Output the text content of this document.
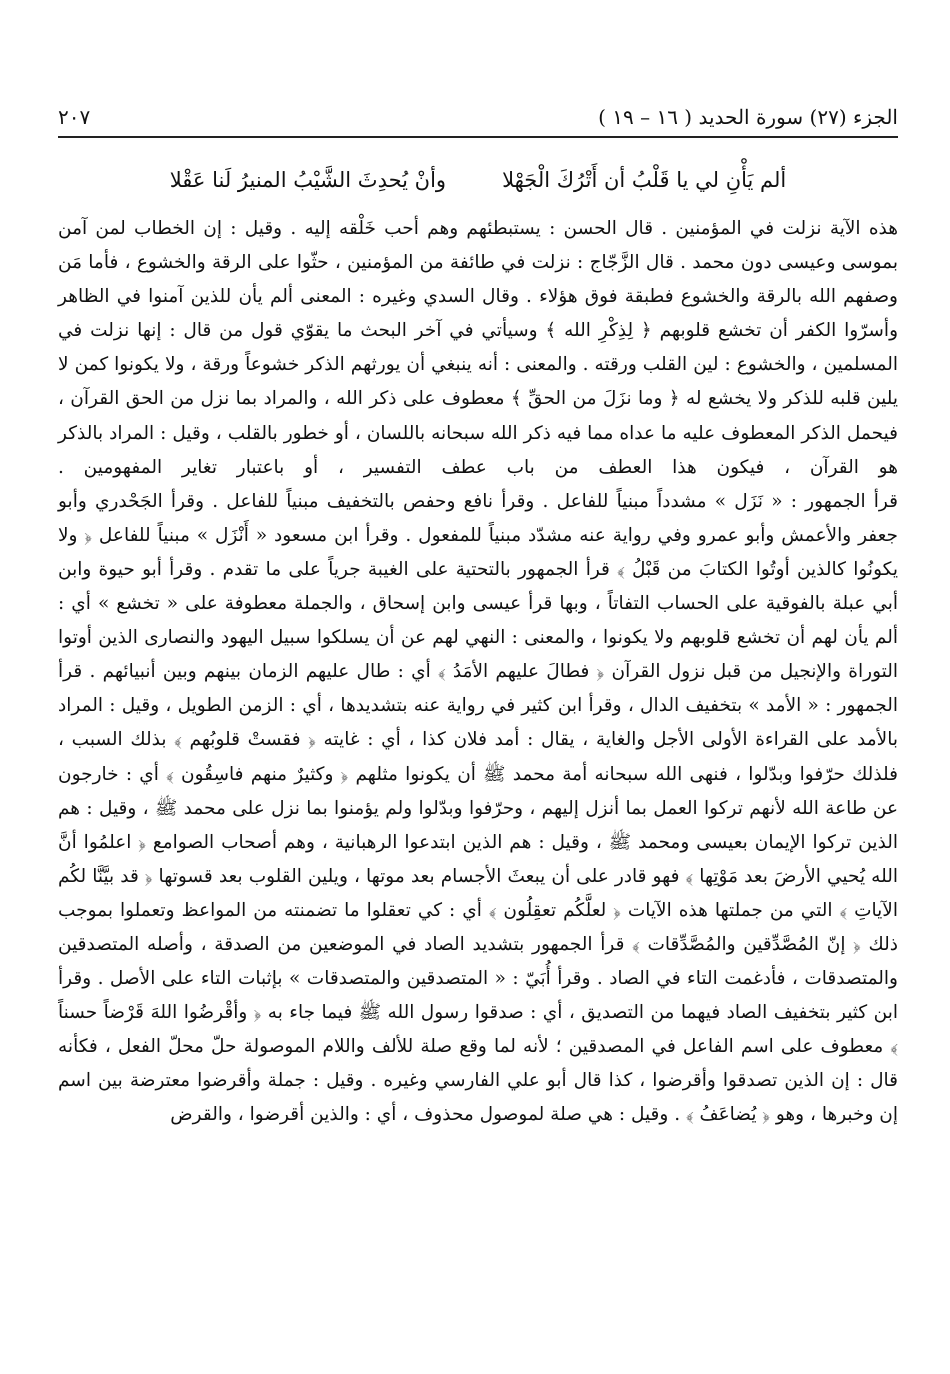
الجزء (٢٧) سورة الحديد ( ١٦ – ١٩ )
٢٠٧
ألم يَأْنِ لي يا قَلْبُ أن أَتْرُكَ الْجَهْلا
وأنْ يُحدِثَ الشَّيْبُ المنيرُ لَنا عَقْلا

هذه الآية نزلت في المؤمنين . قال الحسن : يستبطئهم وهم أحب خَلْقه إليه . وقيل : إن الخطاب لمن آمن بموسى وعيسى دون محمد . قال الزَّجّاج : نزلت في طائفة من المؤمنين ، حثّوا على الرقة والخشوع ، فأما مَن وصفهم الله بالرقة والخشوع فطبقة فوق هؤلاء . وقال السدي وغيره : المعنى ألم يأن للذين آمنوا في الظاهر وأسرّوا الكفر أن تخشع قلوبهم ﴿ لِذِكْرِ الله ﴾ وسيأتي في آخر البحث ما يقوّي قول من قال : إنها نزلت في المسلمين ، والخشوع : لين القلب ورقته . والمعنى : أنه ينبغي أن يورثهم الذكر خشوعاً ورقة ، ولا يكونوا كمن لا يلين قلبه للذكر ولا يخشع له ﴿ وما نزَلَ من الحقِّ ﴾ معطوف على ذكر الله ، والمراد بما نزل من الحق القرآن ، فيحمل الذكر المعطوف عليه ما عداه مما فيه ذكر الله سبحانه باللسان ، أو خطور بالقلب ، وقيل : المراد بالذكر هو القرآن ، فيكون هذا العطف من باب عطف التفسير ، أو باعتبار تغاير المفهومين .

قرأ الجمهور : « نَزَل » مشدداً مبنياً للفاعل . وقرأ نافع وحفص بالتخفيف مبنياً للفاعل . وقرأ الجَحْدري وأبو جعفر والأعمش وأبو عمرو وفي رواية عنه مشدّد مبنياً للمفعول . وقرأ ابن مسعود « أَنْزَل » مبنياً للفاعل ﴿ ولا يكونُوا كالذين أوتُوا الكتابَ من قَبْلُ ﴾ قرأ الجمهور بالتحتية على الغيبة جرياً على ما تقدم . وقرأ أبو حيوة وابن أبي عبلة بالفوقية على الحساب التفاتاً ، وبها قرأ عيسى وابن إسحاق ، والجملة معطوفة على « تخشع » أي : ألم يأن لهم أن تخشع قلوبهم ولا يكونوا ، والمعنى : النهي لهم عن أن يسلكوا سبيل اليهود والنصارى الذين أوتوا التوراة والإنجيل من قبل نزول القرآن ﴿ فطالَ عليهم الأمَدُ ﴾ أي : طال عليهم الزمان بينهم وبين أنبيائهم . قرأ الجمهور : « الأمد » بتخفيف الدال ، وقرأ ابن كثير في رواية عنه بتشديدها ، أي : الزمن الطويل ، وقيل : المراد بالأمد على القراءة الأولى الأجل والغاية ، يقال : أمد فلان كذا ، أي : غايته ﴿ فقستْ قلوبُهم ﴾ بذلك السبب ، فلذلك حرّفوا وبدّلوا ، فنهى الله سبحانه أمة محمد ﷺ أن يكونوا مثلهم ﴿ وكثيرٌ منهم فاسِقُون ﴾ أي : خارجون عن طاعة الله لأنهم تركوا العمل بما أنزل إليهم ، وحرّفوا وبدّلوا ولم يؤمنوا بما نزل على محمد ﷺ ، وقيل : هم الذين تركوا الإيمان بعيسى ومحمد ﷺ ، وقيل : هم الذين ابتدعوا الرهبانية ، وهم أصحاب الصوامع ﴿ اعلمُوا أنَّ الله يُحيي الأرضَ بعد مَوْتِها ﴾ فهو قادر على أن يبعثَ الأجسام بعد موتها ، ويلين القلوب بعد قسوتها ﴿ قد بيَّنَّا لكُم الآياتِ ﴾ التي من جملتها هذه الآيات ﴿ لعلَّكُم تعقِلُون ﴾ أي : كي تعقلوا ما تضمنته من المواعظ وتعملوا بموجب ذلك ﴿ إنّ المُصَّدِّقين والمُصَّدِّقات ﴾ قرأ الجمهور بتشديد الصاد في الموضعين من الصدقة ، وأصله المتصدقين والمتصدقات ، فأدغمت التاء في الصاد . وقرأ أُبَيّ : « المتصدقين والمتصدقات » بإثبات التاء على الأصل . وقرأ ابن كثير بتخفيف الصاد فيهما من التصديق ، أي : صدقوا رسول الله ﷺ فيما جاء به ﴿ وأقْرضُوا اللهَ قَرْضاً حسناً ﴾ معطوف على اسم الفاعل في المصدقين ؛ لأنه لما وقع صلة للألف واللام الموصولة حلّ محلّ الفعل ، فكأنه قال : إن الذين تصدقوا وأقرضوا ، كذا قال أبو علي الفارسي وغيره . وقيل : جملة وأقرضوا معترضة بين اسم إن وخبرها ، وهو ﴿ يُضاعَفُ ﴾ . وقيل : هي صلة لموصول محذوف ، أي : والذين أقرضوا ، والقرض
